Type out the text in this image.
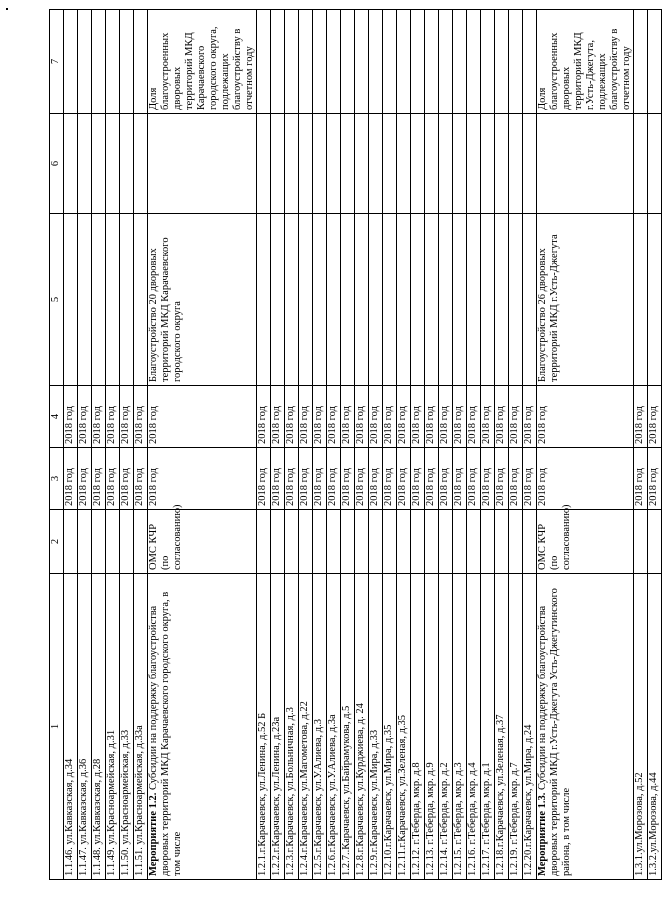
1	2	3	4	5	6	7
1.1.46. ул.Кавказская, д.34		2018 год	2018 год			
1.1.47. ул.Кавказская, д.36		2018 год	2018 год			
1.1.48. ул.Кавказская, д.28		2018 год	2018 год			
1.1.49. ул.Красноармейская, д.31		2018 год	2018 год			
1.1.50. ул.Красноармейская, д.33		2018 год	2018 год			
1.1.51. ул.Красноармейская, д.33а		2018 год	2018 год			
Мероприятие 1.2. Субсидии на поддержку благоустройства дворовых территорий МКД Карачаевского городского округа, в том числе	ОМС КЧР (по согласованию)	2018 год	2018 год	Благоустройство 20 дворовых территорий МКД Карачаевского городского округа		Доля благоустроенных дворовых территорий МКД Карачаевского городского округа, подлежащих благоустройству в отчетном году
1.2.1.г.Карачаевск, ул.Ленина, д.52 Б		2018 год	2018 год			
1.2.2.г.Карачаевск, ул.Ленина, д.23а		2018 год	2018 год			
1.2.3.г.Карачаевск, ул.Больничная, д.3		2018 год	2018 год			
1.2.4.г.Карачаевск, ул.Магометова, д.22		2018 год	2018 год			
1.2.5.г.Карачаевск, ул.У.Алиева, д.3		2018 год	2018 год			
1.2.6.г.Карачаевск, ул.У.Алиева, д.3а		2018 год	2018 год			
1.2.7..Карачаевск, ул.Байрамукова, д.5		2018 год	2018 год			
1.2.8.г.Карачаевск, ул.Курджиева, д. 24		2018 год	2018 год			
1.2.9.г.Карачаевск, ул.Мира, д.33		2018 год	2018 год			
1.2.10.г.Карачаевск, ул.Мира, д.35		2018 год	2018 год			
1.2.11.г.Карачаевск, ул.Зеленая, д.35		2018 год	2018 год			
1.2.12. г.Теберда, мкр. д.8		2018 год	2018 год			
1.2.13. г.Теберда, мкр. д.9		2018 год	2018 год			
1.2.14. г.Теберда, мкр. д.2		2018 год	2018 год			
1.2.15. г.Теберда, мкр. д.3		2018 год	2018 год			
1.2.16. г.Теберда, мкр. д.4		2018 год	2018 год			
1.2.17. г.Теберда, мкр. д.1		2018 год	2018 год			
1.2.18.г.Карачаевск, ул.Зеленая, д.37		2018 год	2018 год			
1.2.19. г.Теберда, мкр. д.7		2018 год	2018 год			
1.2.20.г.Карачаевск, ул.Мира, д.24		2018 год	2018 год			
Мероприятие 1.3. Субсидии на поддержку благоустройства дворовых территорий МКД г.Усть-Джегута Усть-Джегутинского района, в том числе	ОМС КЧР (по согласованию)	2018 год	2018 год	Благоустройство 26 дворовых территорий МКД г.Усть-Джегута		Доля благоустроенных дворовых территорий МКД г.Усть-Джегута, подлежащих благоустройству в отчетном году
1.3.1.ул.Морозова, д.52		2018 год	2018 год			
1.3.2.ул.Морозова, д.44		2018 год	2018 год			
